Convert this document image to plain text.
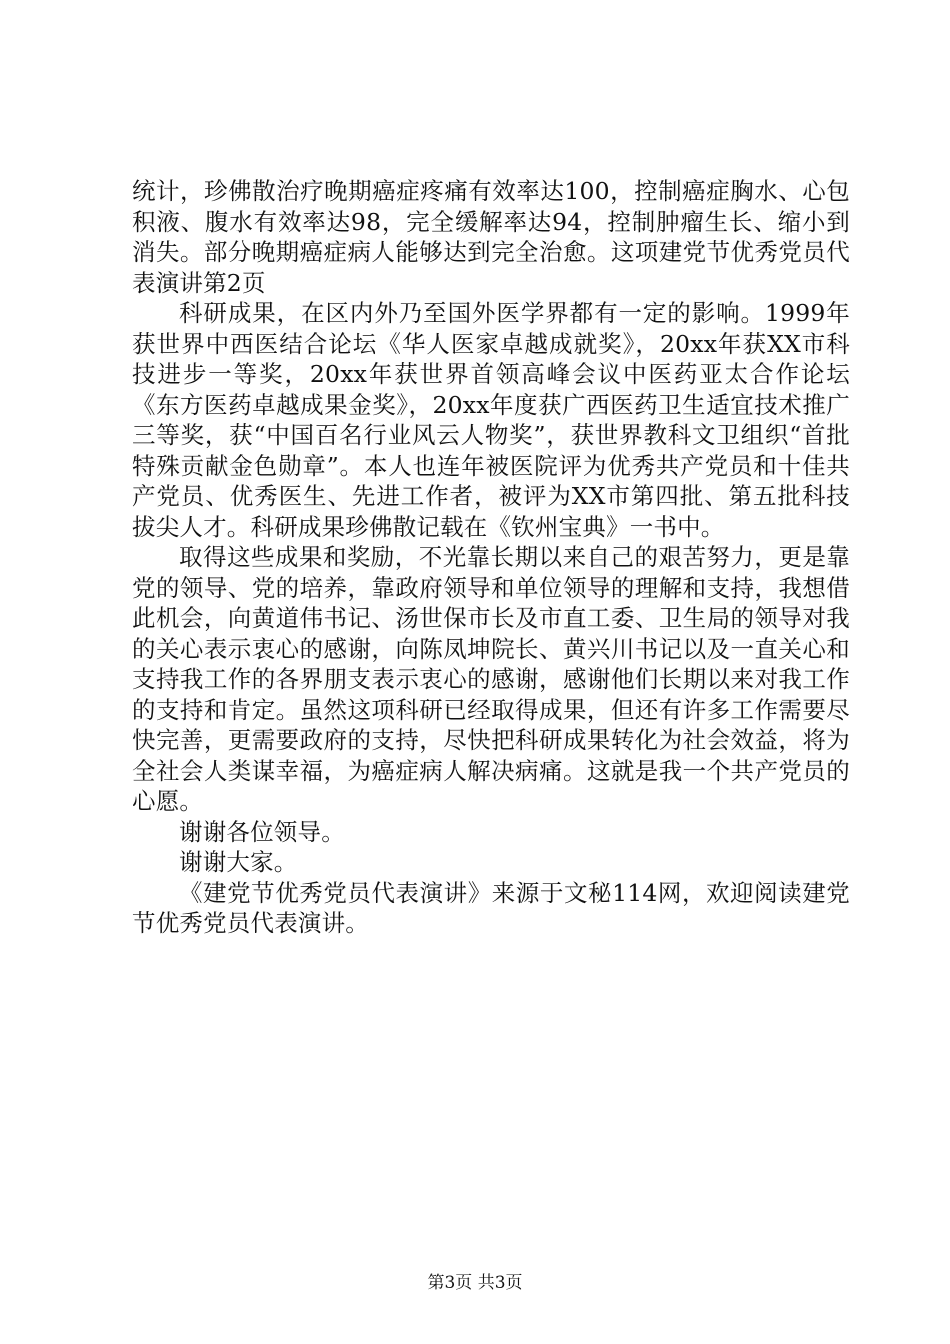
统计，珍佛散治疗晚期癌症疼痛有效率达100，控制癌症胸水、心包积液、腹水有效率达98，完全缓解率达94，控制肿瘤生长、缩小到消失。部分晚期癌症病人能够达到完全治愈。这项建党节优秀党员代表演讲第2页

科研成果，在区内外乃至国外医学界都有一定的影响。1999年获世界中西医结合论坛《华人医家卓越成就奖》，20xx年获XX市科技进步一等奖，20xx年获世界首领高峰会议中医药亚太合作论坛《东方医药卓越成果金奖》，20xx年度获广西医药卫生适宜技术推广三等奖，获“中国百名行业风云人物奖”，获世界教科文卫组织“首批特殊贡献金色勋章”。本人也连年被医院评为优秀共产党员和十佳共产党员、优秀医生、先进工作者，被评为XX市第四批、第五批科技拔尖人才。科研成果珍佛散记载在《钦州宝典》一书中。

取得这些成果和奖励，不光靠长期以来自己的艰苦努力，更是靠党的领导、党的培养，靠政府领导和单位领导的理解和支持，我想借此机会，向黄道伟书记、汤世保市长及市直工委、卫生局的领导对我的关心表示衷心的感谢，向陈凤坤院长、黄兴川书记以及一直关心和支持我工作的各界朋支表示衷心的感谢，感谢他们长期以来对我工作的支持和肯定。虽然这项科研已经取得成果，但还有许多工作需要尽快完善，更需要政府的支持，尽快把科研成果转化为社会效益，将为全社会人类谋幸福，为癌症病人解决病痛。这就是我一个共产党员的心愿。

谢谢各位领导。

谢谢大家。

《建党节优秀党员代表演讲》来源于文秘114网，欢迎阅读建党节优秀党员代表演讲。

第3页 共3页
